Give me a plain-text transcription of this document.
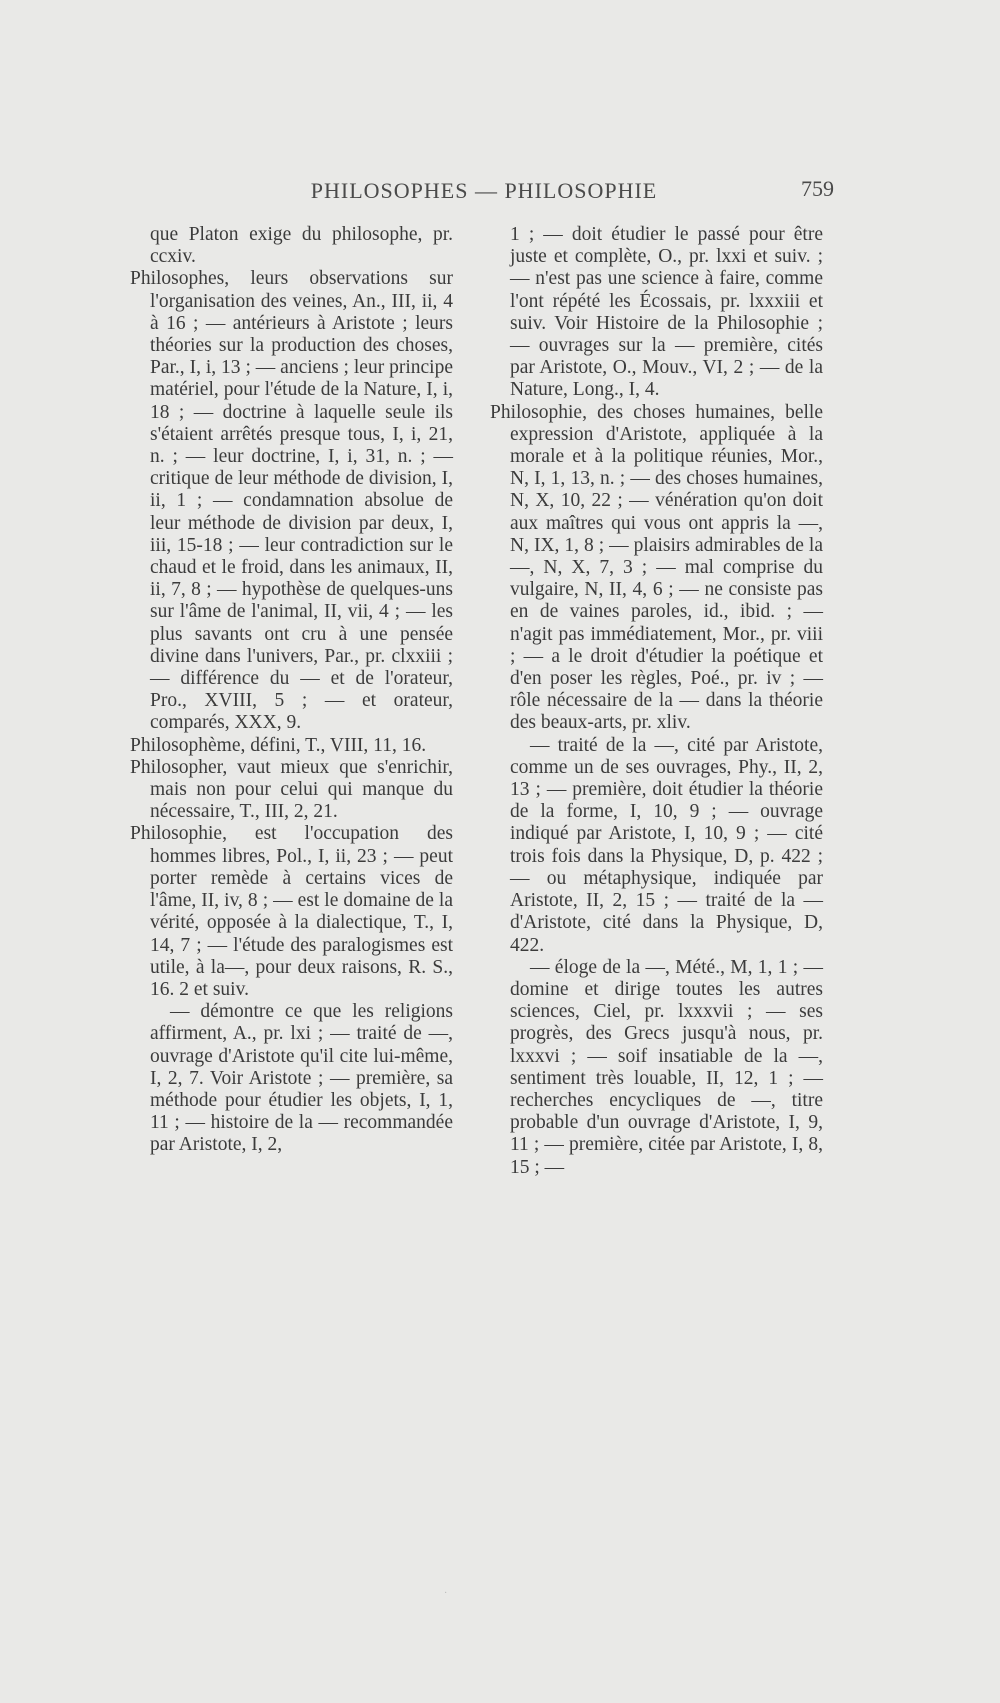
PHILOSOPHES — PHILOSOPHIE	759

que Platon exige du philosophe, pr. ccxiv.

Philosophes, leurs observations sur l'organisation des veines, An., III, ii, 4 à 16 ; — antérieurs à Aristote ; leurs théories sur la production des choses, Par., I, i, 13 ; — anciens ; leur principe matériel, pour l'étude de la Nature, I, i, 18 ; — doctrine à laquelle seule ils s'étaient arrêtés presque tous, I, i, 21, n. ; — leur doctrine, I, i, 31, n. ; — critique de leur méthode de division, I, ii, 1 ; — condamnation absolue de leur méthode de division par deux, I, iii, 15-18 ; — leur contradiction sur le chaud et le froid, dans les animaux, II, ii, 7, 8 ; — hypothèse de quelques-uns sur l'âme de l'animal, II, vii, 4 ; — les plus savants ont cru à une pensée divine dans l'univers, Par., pr. clxxiii ; — différence du — et de l'orateur, Pro., XVIII, 5 ; — et orateur, comparés, XXX, 9.

Philosophème, défini, T., VIII, 11, 16.

Philosopher, vaut mieux que s'enrichir, mais non pour celui qui manque du nécessaire, T., III, 2, 21.

Philosophie, est l'occupation des hommes libres, Pol., I, ii, 23 ; — peut porter remède à certains vices de l'âme, II, iv, 8 ; — est le domaine de la vérité, opposée à la dialectique, T., I, 14, 7 ; — l'étude des paralogismes est utile, à la—, pour deux raisons, R. S., 16. 2 et suiv.

— démontre ce que les religions affirment, A., pr. lxi ; — traité de —, ouvrage d'Aristote qu'il cite lui-même, I, 2, 7. Voir Aristote ; — première, sa méthode pour étudier les objets, I, 1, 11 ; — histoire de la — recommandée par Aristote, I, 2,

1 ; — doit étudier le passé pour être juste et complète, O., pr. lxxi et suiv. ; — n'est pas une science à faire, comme l'ont répété les Écossais, pr. lxxxiii et suiv. Voir Histoire de la Philosophie ; — ouvrages sur la — première, cités par Aristote, O., Mouv., VI, 2 ; — de la Nature, Long., I, 4.

Philosophie, des choses humaines, belle expression d'Aristote, appliquée à la morale et à la politique réunies, Mor., N, I, 1, 13, n. ; — des choses humaines, N, X, 10, 22 ; — vénération qu'on doit aux maîtres qui vous ont appris la —, N, IX, 1, 8 ; — plaisirs admirables de la —, N, X, 7, 3 ; — mal comprise du vulgaire, N, II, 4, 6 ; — ne consiste pas en de vaines paroles, id., ibid. ; — n'agit pas immédiatement, Mor., pr. viii ; — a le droit d'étudier la poétique et d'en poser les règles, Poé., pr. iv ; — rôle nécessaire de la — dans la théorie des beaux-arts, pr. xliv.

— traité de la —, cité par Aristote, comme un de ses ouvrages, Phy., II, 2, 13 ; — première, doit étudier la théorie de la forme, I, 10, 9 ; — ouvrage indiqué par Aristote, I, 10, 9 ; — cité trois fois dans la Physique, D, p. 422 ; — ou métaphysique, indiquée par Aristote, II, 2, 15 ; — traité de la — d'Aristote, cité dans la Physique, D, 422.

— éloge de la —, Mété., M, 1, 1 ; — domine et dirige toutes les autres sciences, Ciel, pr. lxxxvii ; — ses progrès, des Grecs jusqu'à nous, pr. lxxxvi ; — soif insatiable de la —, sentiment très louable, II, 12, 1 ; — recherches encycliques de —, titre probable d'un ouvrage d'Aristote, I, 9, 11 ; — première, citée par Aristote, I, 8, 15 ; —

·
